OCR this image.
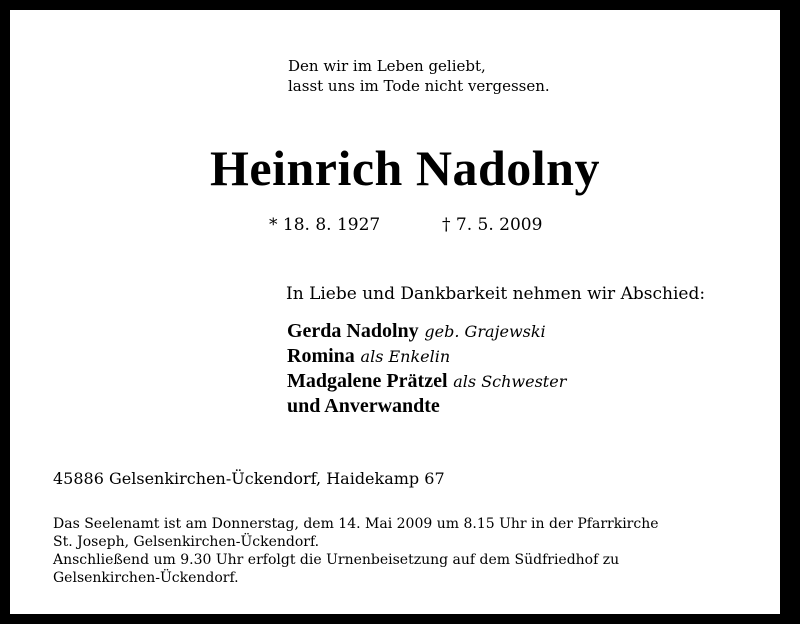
Den wir im Leben geliebt,
lasst uns im Tode nicht vergessen.
Heinrich Nadolny
* 18. 8. 1927	† 7. 5. 2009
In Liebe und Dankbarkeit nehmen wir Abschied:
Gerda Nadolny geb. Grajewski
Romina als Enkelin
Madgalene Prätzel als Schwester
und Anverwandte
45886 Gelsenkirchen-Ückendorf, Haidekamp 67
Das Seelenamt ist am Donnerstag, dem 14. Mai 2009 um 8.15 Uhr in der Pfarrkirche
St. Joseph, Gelsenkirchen-Ückendorf.
Anschließend um 9.30 Uhr erfolgt die Urnenbeisetzung auf dem Südfriedhof zu
Gelsenkirchen-Ückendorf.
